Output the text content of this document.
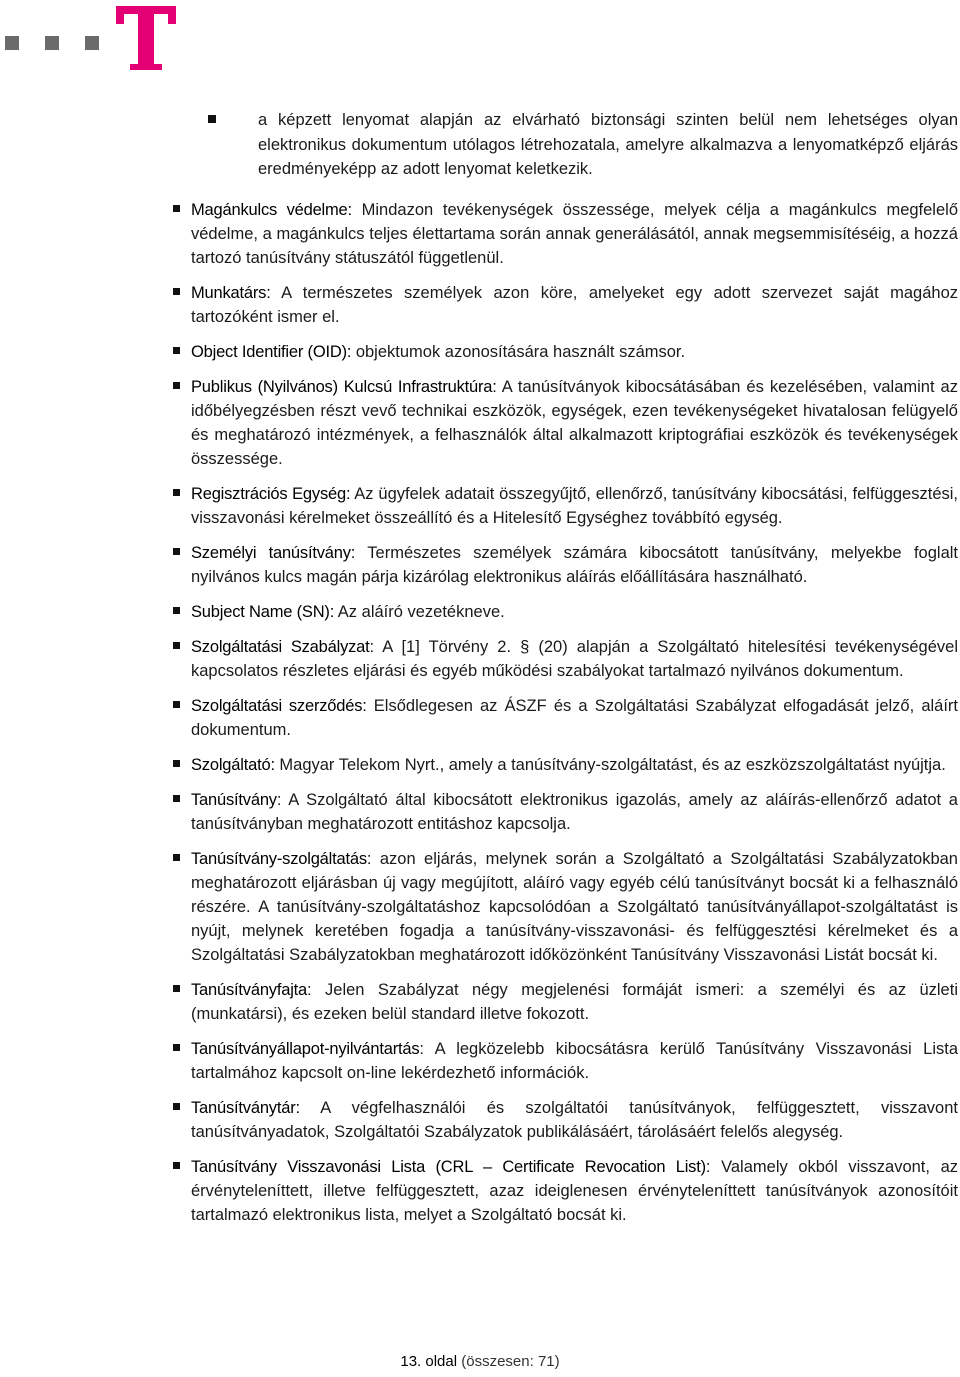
a képzett lenyomat alapján az elvárható biztonsági szinten belül nem lehetséges olyan elektronikus dokumentum utólagos létrehozatala, amelyre alkalmazva a lenyomatképző eljárás eredményeképp az adott lenyomat keletkezik.
Magánkulcs védelme: Mindazon tevékenységek összessége, melyek célja a magánkulcs megfelelő védelme, a magánkulcs teljes élettartama során annak generálásától, annak megsemmisítéséig, a hozzá tartozó tanúsítvány státuszától függetlenül.
Munkatárs: A természetes személyek azon köre, amelyeket egy adott szervezet saját magához tartozóként ismer el.
Object Identifier (OID): objektumok azonosítására használt számsor.
Publikus (Nyilvános) Kulcsú Infrastruktúra: A tanúsítványok kibocsátásában és kezelésében, valamint az időbélyegzésben részt vevő technikai eszközök, egységek, ezen tevékenységeket hivatalosan felügyelő és meghatározó intézmények, a felhasználók által alkalmazott kriptográfiai eszközök és tevékenységek összessége.
Regisztrációs Egység: Az ügyfelek adatait összegyűjtő, ellenőrző, tanúsítvány kibocsátási, felfüggesztési, visszavonási kérelmeket összeállító és a Hitelesítő Egységhez továbbító egység.
Személyi tanúsítvány: Természetes személyek számára kibocsátott tanúsítvány, melyekbe foglalt nyilvános kulcs magán párja kizárólag elektronikus aláírás előállítására használható.
Subject Name (SN): Az aláíró vezetékneve.
Szolgáltatási Szabályzat: A [1] Törvény 2. § (20) alapján a Szolgáltató hitelesítési tevékenységével kapcsolatos részletes eljárási és egyéb működési szabályokat tartalmazó nyilvános dokumentum.
Szolgáltatási szerződés: Elsődlegesen az ÁSZF és a Szolgáltatási Szabályzat elfogadását jelző, aláírt dokumentum.
Szolgáltató: Magyar Telekom Nyrt., amely a tanúsítvány-szolgáltatást, és az eszközszolgáltatást nyújtja.
Tanúsítvány: A Szolgáltató által kibocsátott elektronikus igazolás, amely az aláírás-ellenőrző adatot a tanúsítványban meghatározott entitáshoz kapcsolja.
Tanúsítvány-szolgáltatás: azon eljárás, melynek során a Szolgáltató a Szolgáltatási Szabályzatokban meghatározott eljárásban új vagy megújított, aláíró vagy egyéb célú tanúsítványt bocsát ki a felhasználó részére. A tanúsítvány-szolgáltatáshoz kapcsolódóan a Szolgáltató tanúsítványállapot-szolgáltatást is nyújt, melynek keretében fogadja a tanúsítvány-visszavonási- és felfüggesztési kérelmeket és a Szolgáltatási Szabályzatokban meghatározott időközönként Tanúsítvány Visszavonási Listát bocsát ki.
Tanúsítványfajta: Jelen Szabályzat négy megjelenési formáját ismeri: a személyi és az üzleti (munkatársi), és ezeken belül standard illetve fokozott.
Tanúsítványállapot-nyilvántartás: A legközelebb kibocsátásra kerülő Tanúsítvány Visszavonási Lista tartalmához kapcsolt on-line lekérdezhető információk.
Tanúsítványtár: A végfelhasználói és szolgáltatói tanúsítványok, felfüggesztett, visszavont tanúsítványadatok, Szolgáltatói Szabályzatok publikálásáért, tárolásáért felelős alegység.
Tanúsítvány Visszavonási Lista (CRL – Certificate Revocation List): Valamely okból visszavont, az érvényteleníttett, illetve felfüggesztett, azaz ideiglenesen érvényteleníttett tanúsítványok azonosítóit tartalmazó elektronikus lista, melyet a Szolgáltató bocsát ki.
13. oldal (összesen: 71)
